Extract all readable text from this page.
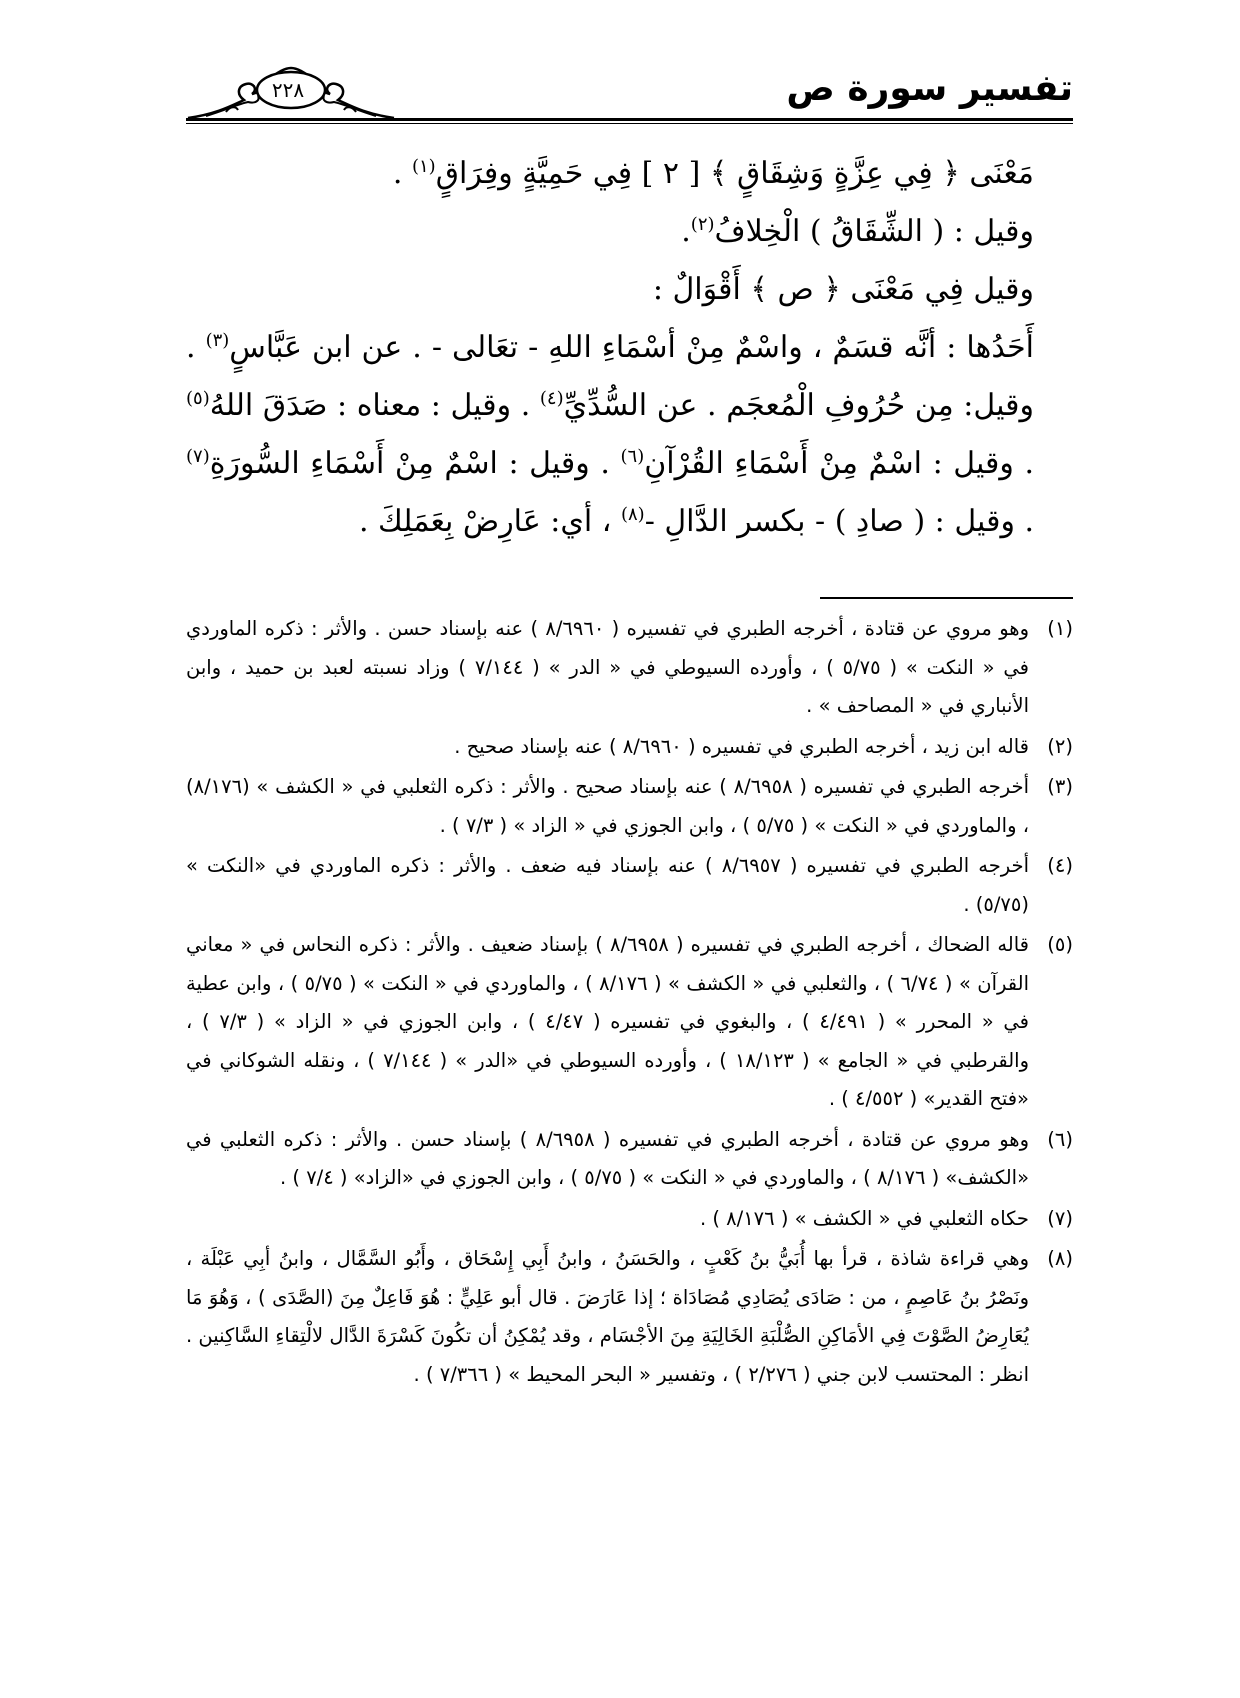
تفسير سورة ص
٢٢٨

مَعْنَى ﴿ فِي عِزَّةٍ وَشِقَاقٍ ﴾ [ ٢ ] فِي حَمِيَّةٍ وفِرَاقٍ$^{(١)}$ .

وقيل : ( الشِّقَاقُ ) الْخِلافُ$^{(٢)}$.

وقيل فِي مَعْنَى ﴿ ص ﴾ أَقْوَالٌ :

أَحَدُها : أنَّه قسَمٌ ، واسْمٌ مِنْ أسْمَاءِ اللهِ - تعَالى - . عن ابن عَبَّاسٍ$^{(٣)}$ . وقيل: مِن حُرُوفِ الْمُعجَم . عن السُّدِّيِّ$^{(٤)}$ . وقيل : معناه : صَدَقَ اللهُ$^{(٥)}$ . وقيل : اسْمٌ مِنْ أَسْمَاءِ القُرْآنِ$^{(٦)}$ . وقيل : اسْمٌ مِنْ أَسْمَاءِ السُّورَةِ$^{(٧)}$ . وقيل : ( صادِ ) - بكسر الدَّالِ -$^{(٨)}$ ، أي: عَارِضْ بِعَمَلِكَ .

(١)
وهو مروي عن قتادة ، أخرجه الطبري في تفسيره ( ٨/٦٩٦٠ ) عنه بإسناد حسن . والأثر : ذكره الماوردي في « النكت » ( ٥/٧٥ ) ، وأورده السيوطي في « الدر » ( ٧/١٤٤ ) وزاد نسبته لعبد بن حميد ، وابن الأنباري في « المصاحف » .
(٢)
قاله ابن زيد ، أخرجه الطبري في تفسيره ( ٨/٦٩٦٠ ) عنه بإسناد صحيح .
(٣)
أخرجه الطبري في تفسيره ( ٨/٦٩٥٨ ) عنه بإسناد صحيح . والأثر : ذكره الثعلبي في « الكشف » (٨/١٧٦) ، والماوردي في « النكت » ( ٥/٧٥ ) ، وابن الجوزي في « الزاد » ( ٧/٣ ) .
(٤)
أخرجه الطبري في تفسيره ( ٨/٦٩٥٧ ) عنه بإسناد فيه ضعف . والأثر : ذكره الماوردي في «النكت » (٥/٧٥) .
(٥)
قاله الضحاك ، أخرجه الطبري في تفسيره ( ٨/٦٩٥٨ ) بإسناد ضعيف . والأثر : ذكره النحاس في « معاني القرآن » ( ٦/٧٤ ) ، والثعلبي في « الكشف » ( ٨/١٧٦ ) ، والماوردي في « النكت » ( ٥/٧٥ ) ، وابن عطية في « المحرر » ( ٤/٤٩١ ) ، والبغوي في تفسيره ( ٤/٤٧ ) ، وابن الجوزي في « الزاد » ( ٧/٣ ) ، والقرطبي في « الجامع » ( ١٨/١٢٣ ) ، وأورده السيوطي في «الدر » ( ٧/١٤٤ ) ، ونقله الشوكاني في «فتح القدير» ( ٤/٥٥٢ ) .
(٦)
وهو مروي عن قتادة ، أخرجه الطبري في تفسيره ( ٨/٦٩٥٨ ) بإسناد حسن . والأثر : ذكره الثعلبي في «الكشف» ( ٨/١٧٦ ) ، والماوردي في « النكت » ( ٥/٧٥ ) ، وابن الجوزي في «الزاد» ( ٧/٤ ) .
(٧)
حكاه الثعلبي في « الكشف » ( ٨/١٧٦ ) .
(٨)
وهي قراءة شاذة ، قرأ بها أُبَيُّ بنُ كَعْبٍ ، والحَسَنُ ، وابنُ أَبِي إِسْحَاق ، وأَبُو السَّمَّال ، وابنُ أبِي عَبْلَة ، ونَصْرُ بنُ عَاصِمٍ ، من : صَادَى يُصَادِي مُصَادَاة ؛ إذا عَارَضَ . قال أبو عَلِيٍّ : هُوَ فَاعِلٌ مِنَ (الصَّدَى ) ، وَهُوَ مَا يُعَارِضُ الصَّوْتَ فِي الأمَاكِنِ الصُّلْبَةِ الخَالِيَةِ مِنَ الأجْسَام ، وقد يُمْكِنُ أن تكُونَ كَسْرَةَ الدَّال لالْتِقاءِ السَّاكِنين . انظر : المحتسب لابن جني ( ٢/٢٧٦ ) ، وتفسير « البحر المحيط » ( ٧/٣٦٦ ) .
